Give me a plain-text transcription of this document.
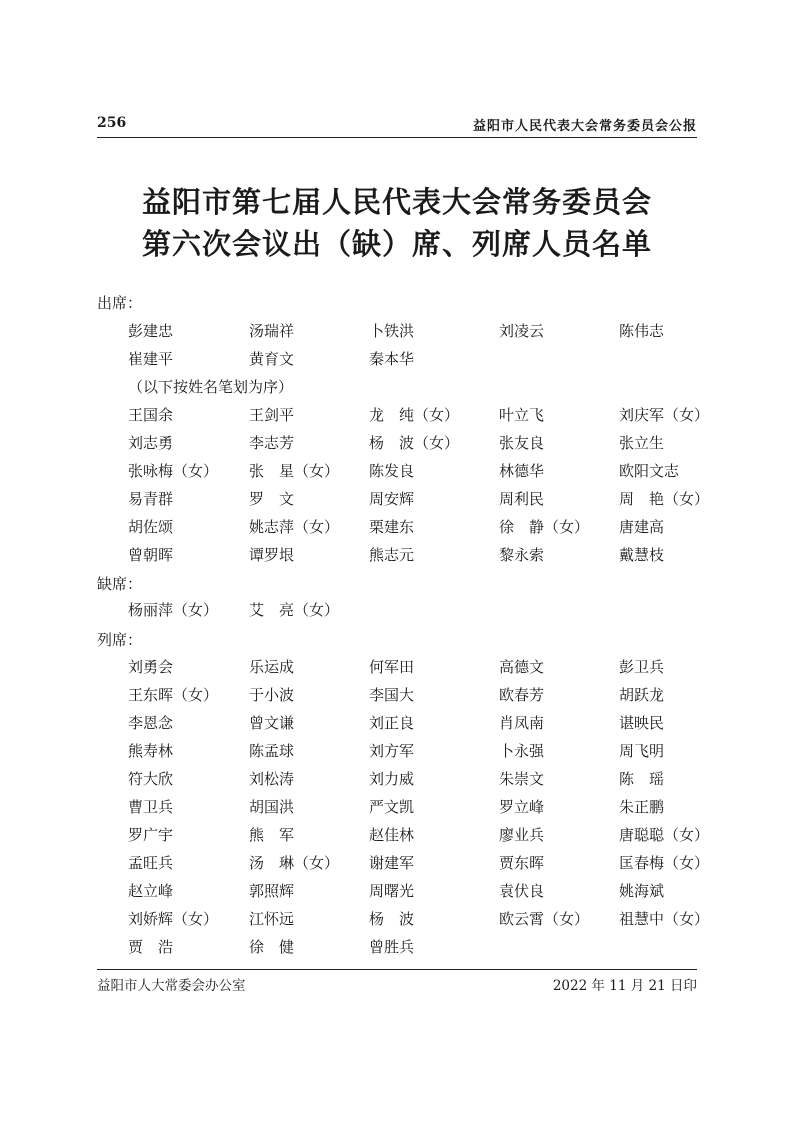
256	益阳市人民代表大会常务委员会公报
益阳市第七届人民代表大会常务委员会
第六次会议出（缺）席、列席人员名单
出席：
彭建忠	汤瑞祥	卜铁洪	刘凌云	陈伟志
崔建平	黄育文	秦本华
（以下按姓名笔划为序）
王国余	王剑平	龙　纯（女）	叶立飞	刘庆军（女）
刘志勇	李志芳	杨　波（女）	张友良	张立生
张咏梅（女） 张　星（女） 陈发良	林德华	欧阳文志
易青群	罗　文	周安辉	周利民	周　艳（女）
胡佐颂	姚志萍（女） 栗建东	徐　静（女） 唐建高
曾朝晖	谭罗垠	熊志元	黎永索	戴慧枝
缺席：
杨丽萍（女） 艾　亮（女）
列席：
刘勇会	乐运成	何军田	高德文	彭卫兵
王东晖（女） 于小波	李国大	欧春芳	胡跃龙
李恩念	曾文谦	刘正良	肖凤南	谌映民
熊寿林	陈孟球	刘方军	卜永强	周飞明
符大欣	刘松涛	刘力威	朱崇文	陈　瑶
曹卫兵	胡国洪	严文凯	罗立峰	朱正鹏
罗广宇	熊　军	赵佳林	廖业兵	唐聪聪（女）
孟旺兵	汤　琳（女） 谢建军	贾东晖	匡春梅（女）
赵立峰	郭照辉	周曙光	袁伏良	姚海斌
刘娇辉（女） 江怀远	杨　波	欧云霄（女） 祖慧中（女）
贾　浩	徐　健	曾胜兵
益阳市人大常委会办公室	2022 年 11 月 21 日印
